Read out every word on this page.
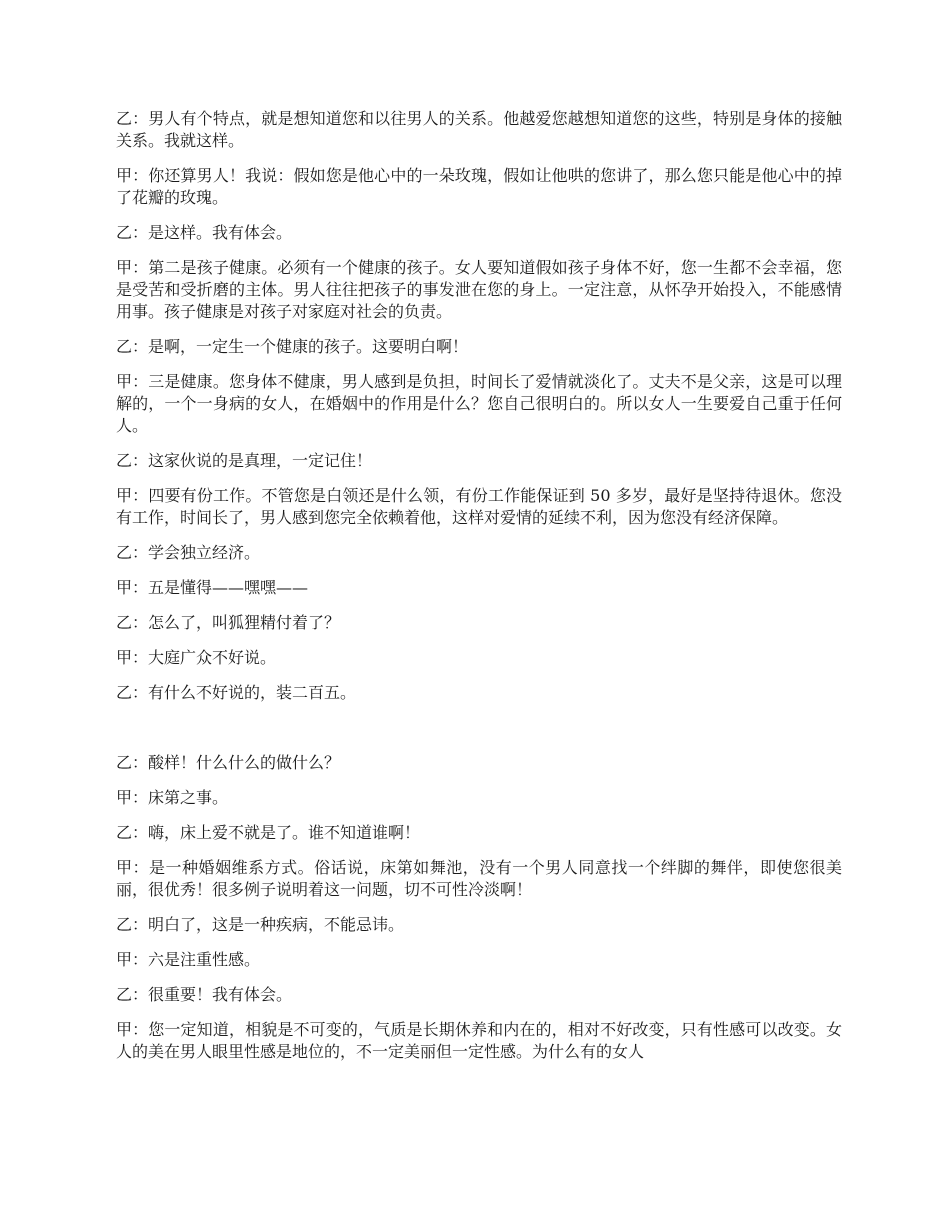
乙：男人有个特点，就是想知道您和以往男人的关系。他越爱您越想知道您的这些，特别是身体的接触关系。我就这样。

甲：你还算男人！我说：假如您是他心中的一朵玫瑰，假如让他哄的您讲了，那么您只能是他心中的掉了花瓣的玫瑰。

乙：是这样。我有体会。

甲：第二是孩子健康。必须有一个健康的孩子。女人要知道假如孩子身体不好，您一生都不会幸福，您是受苦和受折磨的主体。男人往往把孩子的事发泄在您的身上。一定注意，从怀孕开始投入，不能感情用事。孩子健康是对孩子对家庭对社会的负责。

乙：是啊，一定生一个健康的孩子。这要明白啊！

甲：三是健康。您身体不健康，男人感到是负担，时间长了爱情就淡化了。丈夫不是父亲，这是可以理解的，一个一身病的女人，在婚姻中的作用是什么？您自己很明白的。所以女人一生要爱自己重于任何人。

乙：这家伙说的是真理，一定记住！

甲：四要有份工作。不管您是白领还是什么领，有份工作能保证到 50 多岁，最好是坚持待退休。您没有工作，时间长了，男人感到您完全依赖着他，这样对爱情的延续不利，因为您没有经济保障。

乙：学会独立经济。

甲：五是懂得——嘿嘿——

乙：怎么了，叫狐狸精付着了？

甲：大庭广众不好说。

乙：有什么不好说的，装二百五。

乙：酸样！什么什么的做什么？

甲：床第之事。

乙：嗨，床上爱不就是了。谁不知道谁啊！

甲：是一种婚姻维系方式。俗话说，床第如舞池，没有一个男人同意找一个绊脚的舞伴，即使您很美丽，很优秀！很多例子说明着这一问题，切不可性冷淡啊！

乙：明白了，这是一种疾病，不能忌讳。

甲：六是注重性感。

乙：很重要！我有体会。

甲：您一定知道，相貌是不可变的，气质是长期休养和内在的，相对不好改变，只有性感可以改变。女人的美在男人眼里性感是地位的，不一定美丽但一定性感。为什么有的女人
